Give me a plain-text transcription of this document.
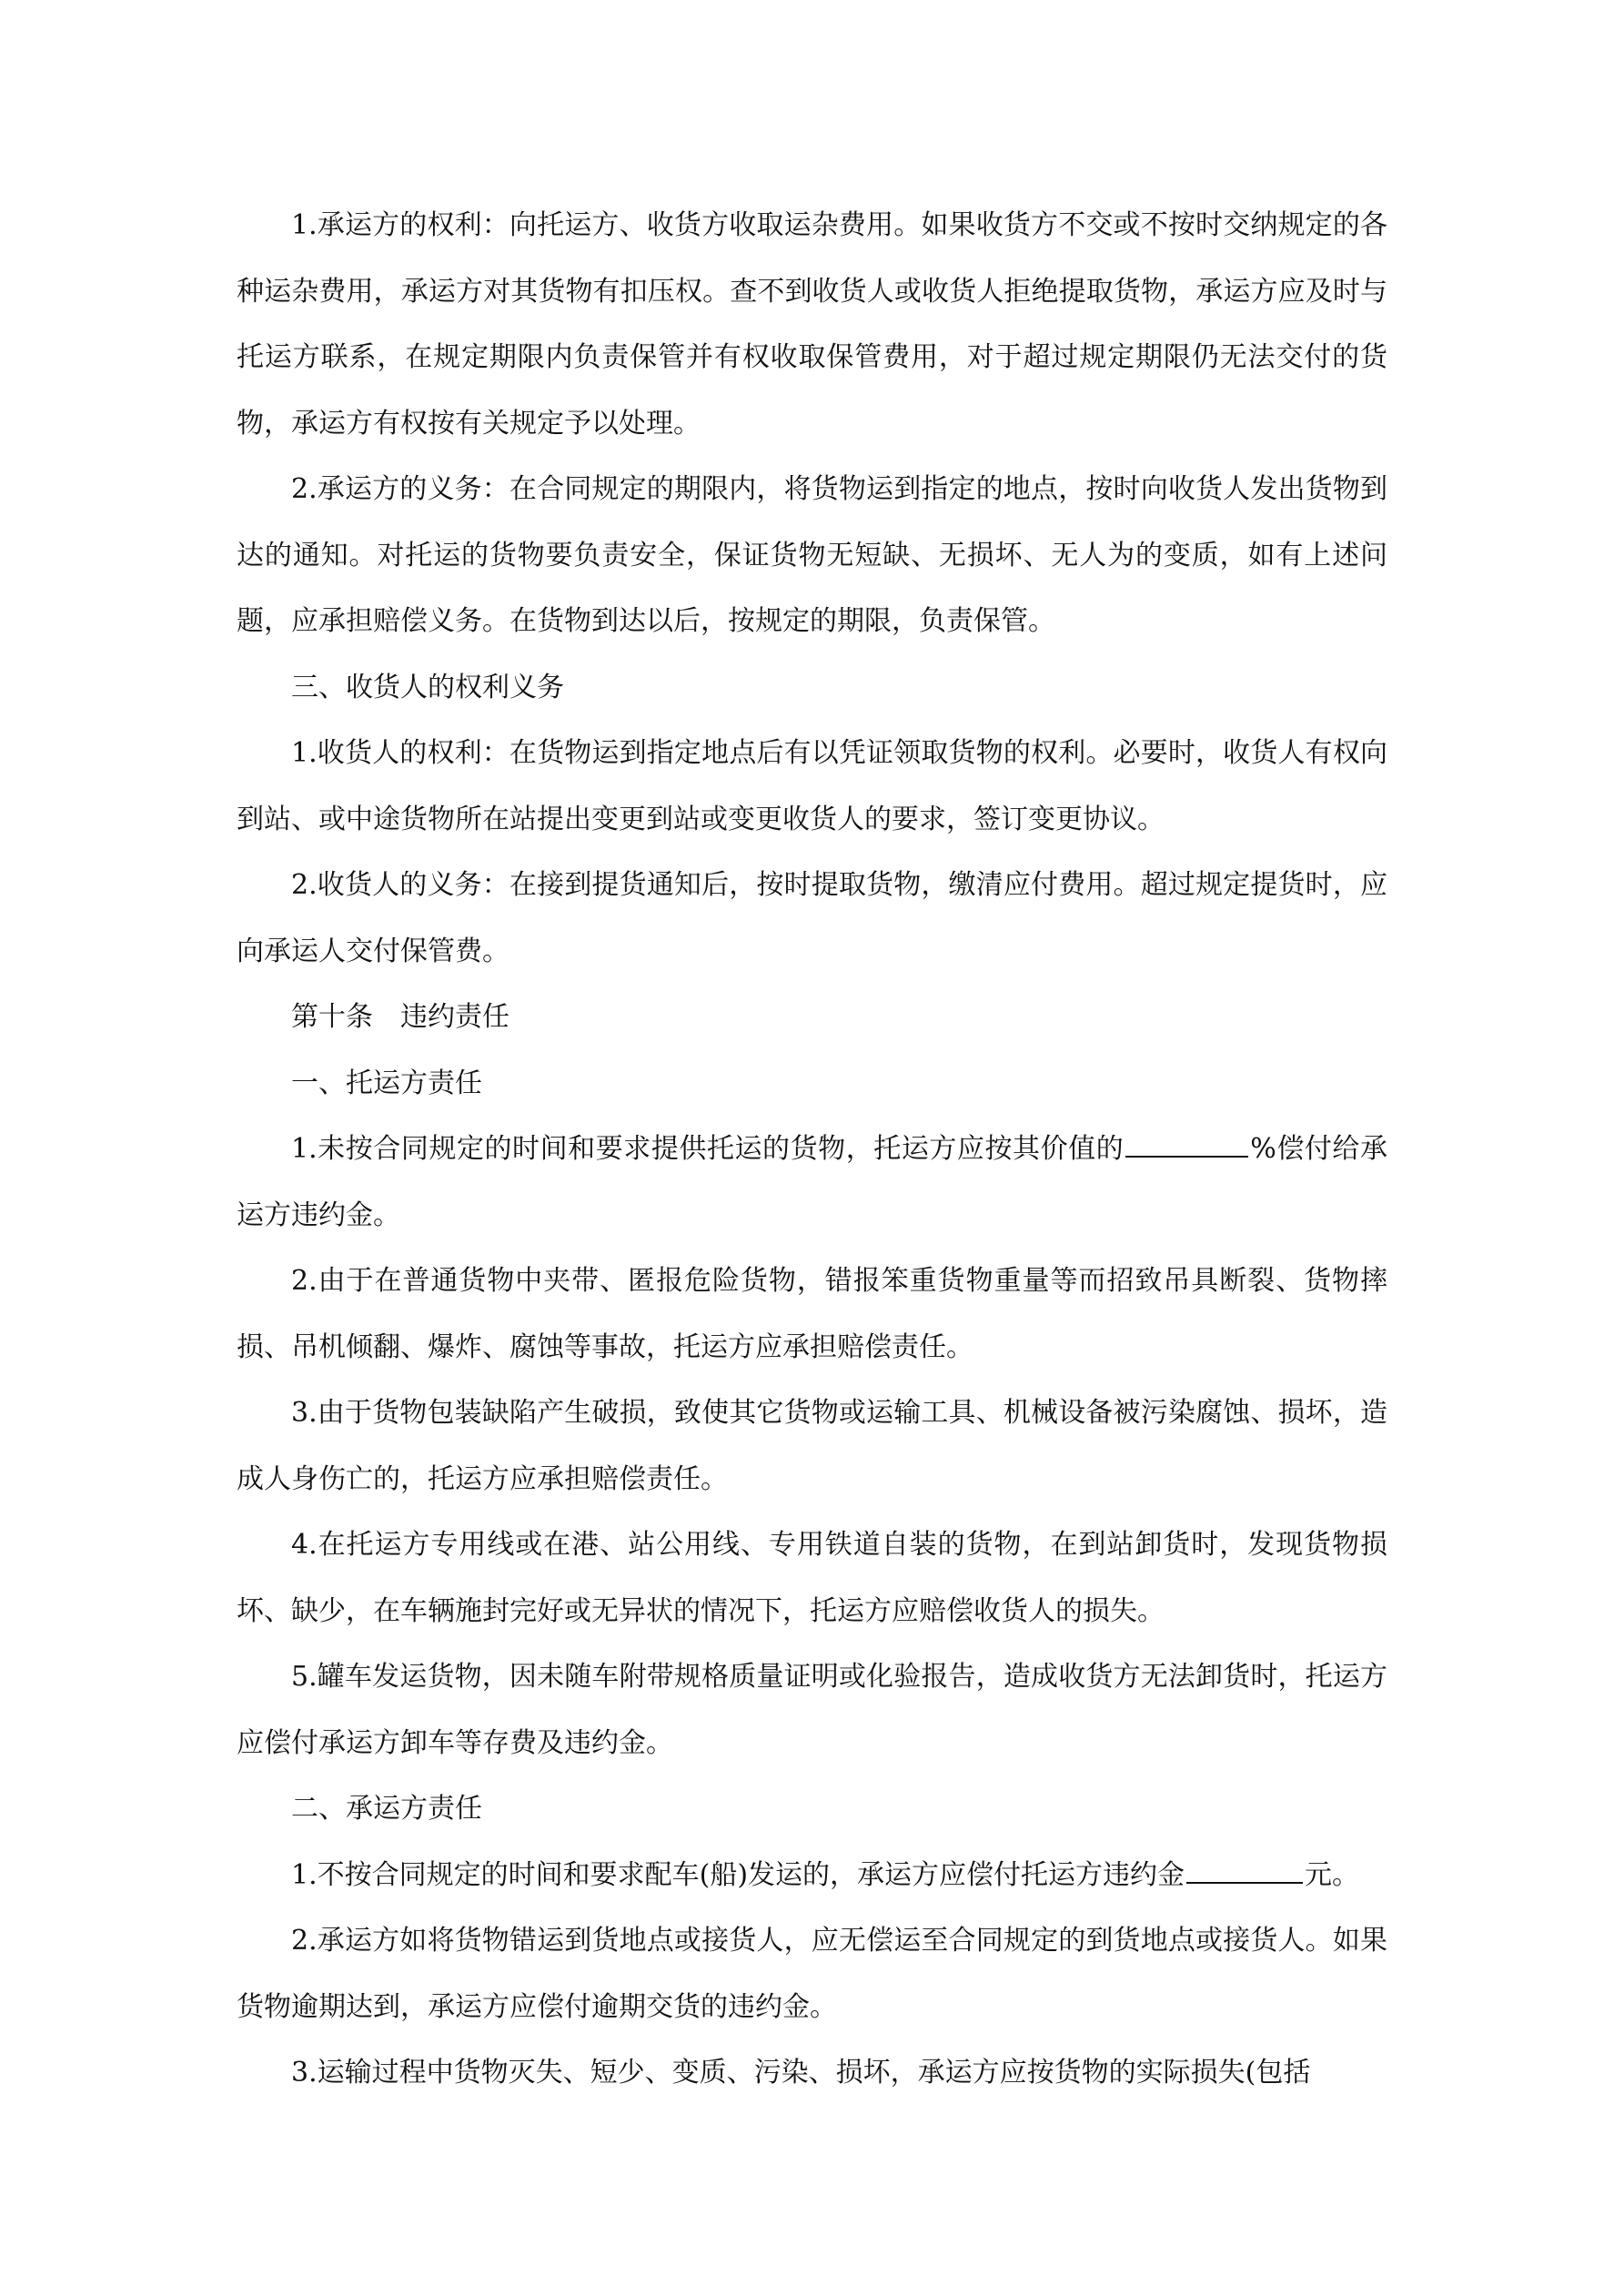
1.承运方的权利：向托运方、收货方收取运杂费用。如果收货方不交或不按时交纳规定的各种运杂费用，承运方对其货物有扣压权。查不到收货人或收货人拒绝提取货物，承运方应及时与托运方联系，在规定期限内负责保管并有权收取保管费用，对于超过规定期限仍无法交付的货物，承运方有权按有关规定予以处理。

2.承运方的义务：在合同规定的期限内，将货物运到指定的地点，按时向收货人发出货物到达的通知。对托运的货物要负责安全，保证货物无短缺、无损坏、无人为的变质，如有上述问题，应承担赔偿义务。在货物到达以后，按规定的期限，负责保管。

三、收货人的权利义务

1.收货人的权利：在货物运到指定地点后有以凭证领取货物的权利。必要时，收货人有权向到站、或中途货物所在站提出变更到站或变更收货人的要求，签订变更协议。

2.收货人的义务：在接到提货通知后，按时提取货物，缴清应付费用。超过规定提货时，应向承运人交付保管费。

第十条　违约责任

一、托运方责任

1.未按合同规定的时间和要求提供托运的货物，托运方应按其价值的	%偿付给承运方违约金。

2.由于在普通货物中夹带、匿报危险货物，错报笨重货物重量等而招致吊具断裂、货物摔损、吊机倾翻、爆炸、腐蚀等事故，托运方应承担赔偿责任。

3.由于货物包装缺陷产生破损，致使其它货物或运输工具、机械设备被污染腐蚀、损坏，造成人身伤亡的，托运方应承担赔偿责任。

4.在托运方专用线或在港、站公用线、专用铁道自装的货物，在到站卸货时，发现货物损坏、缺少，在车辆施封完好或无异状的情况下，托运方应赔偿收货人的损失。

5.罐车发运货物，因未随车附带规格质量证明或化验报告，造成收货方无法卸货时，托运方应偿付承运方卸车等存费及违约金。

二、承运方责任

1.不按合同规定的时间和要求配车(船)发运的，承运方应偿付托运方违约金	元。

2.承运方如将货物错运到货地点或接货人，应无偿运至合同规定的到货地点或接货人。如果货物逾期达到，承运方应偿付逾期交货的违约金。

3.运输过程中货物灭失、短少、变质、污染、损坏，承运方应按货物的实际损失(包括
